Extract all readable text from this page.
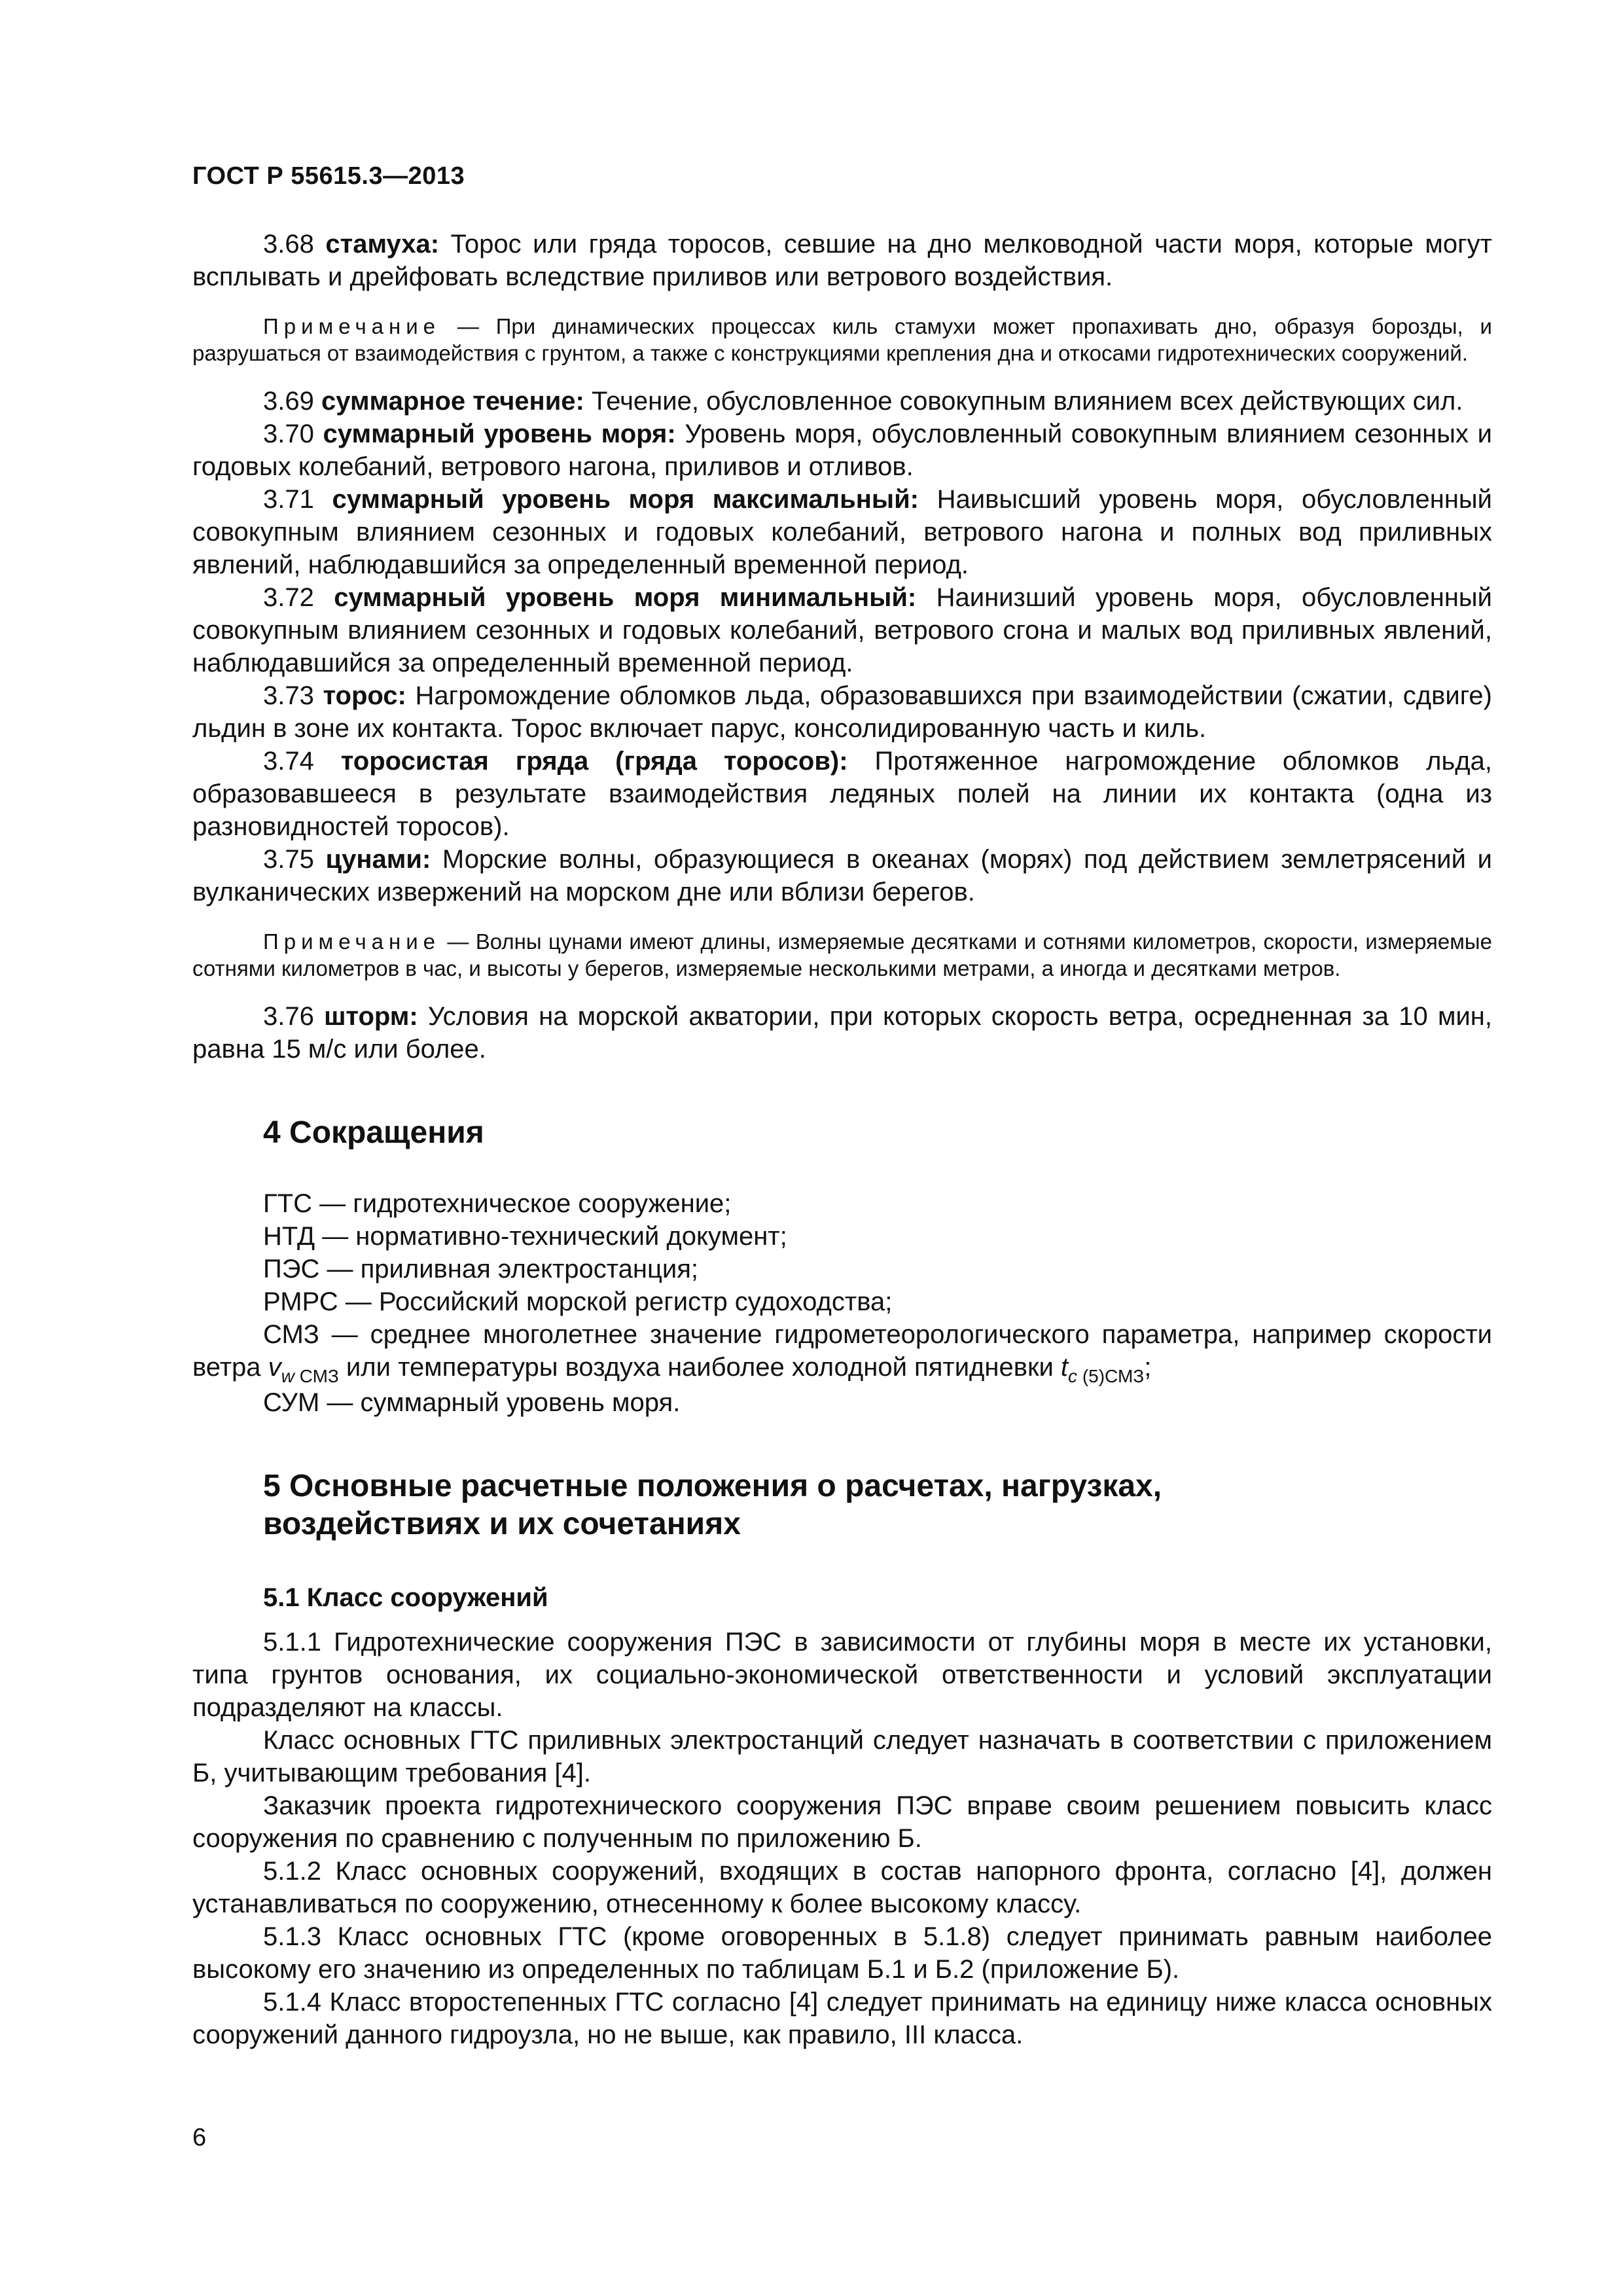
ГОСТ Р 55615.3—2013

3.68 стамуха: Торос или гряда торосов, севшие на дно мелководной части моря, которые могут всплывать и дрейфовать вследствие приливов или ветрового воздействия.

Примечание — При динамических процессах киль стамухи может пропахивать дно, образуя борозды, и разрушаться от взаимодействия с грунтом, а также с конструкциями крепления дна и откосами гидротехнических сооружений.

3.69 суммарное течение: Течение, обусловленное совокупным влиянием всех действующих сил.

3.70 суммарный уровень моря: Уровень моря, обусловленный совокупным влиянием сезонных и годовых колебаний, ветрового нагона, приливов и отливов.

3.71 суммарный уровень моря максимальный: Наивысший уровень моря, обусловленный совокупным влиянием сезонных и годовых колебаний, ветрового нагона и полных вод приливных явлений, наблюдавшийся за определенный временной период.

3.72 суммарный уровень моря минимальный: Наинизший уровень моря, обусловленный совокупным влиянием сезонных и годовых колебаний, ветрового сгона и малых вод приливных явлений, наблюдавшийся за определенный временной период.

3.73 торос: Нагромождение обломков льда, образовавшихся при взаимодействии (сжатии, сдвиге) льдин в зоне их контакта. Торос включает парус, консолидированную часть и киль.

3.74 торосистая гряда (гряда торосов): Протяженное нагромождение обломков льда, образовавшееся в результате взаимодействия ледяных полей на линии их контакта (одна из разновидностей торосов).

3.75 цунами: Морские волны, образующиеся в океанах (морях) под действием землетрясений и вулканических извержений на морском дне или вблизи берегов.

Примечание — Волны цунами имеют длины, измеряемые десятками и сотнями километров, скорости, измеряемые сотнями километров в час, и высоты у берегов, измеряемые несколькими метрами, а иногда и десятками метров.

3.76 шторм: Условия на морской акватории, при которых скорость ветра, осредненная за 10 мин, равна 15 м/с или более.

4 Сокращения
ГТС — гидротехническое сооружение;
НТД — нормативно-технический документ;
ПЭС — приливная электростанция;
РМРС — Российский морской регистр судоходства;
СМЗ — среднее многолетнее значение гидрометеорологического параметра, например скорости ветра $v_{w СМЗ}$ или температуры воздуха наиболее холодной пятидневки $t_{c (5)СМЗ}$;
СУМ — суммарный уровень моря.
5 Основные расчетные положения о расчетах, нагрузках, воздействиях и их сочетаниях
5.1 Класс сооружений

5.1.1 Гидротехнические сооружения ПЭС в зависимости от глубины моря в месте их установки, типа грунтов основания, их социально-экономической ответственности и условий эксплуатации подразделяют на классы.

Класс основных ГТС приливных электростанций следует назначать в соответствии с приложением Б, учитывающим требования [4].

Заказчик проекта гидротехнического сооружения ПЭС вправе своим решением повысить класс сооружения по сравнению с полученным по приложению Б.

5.1.2 Класс основных сооружений, входящих в состав напорного фронта, согласно [4], должен устанавливаться по сооружению, отнесенному к более высокому классу.

5.1.3 Класс основных ГТС (кроме оговоренных в 5.1.8) следует принимать равным наиболее высокому его значению из определенных по таблицам Б.1 и Б.2 (приложение Б).

5.1.4 Класс второстепенных ГТС согласно [4] следует принимать на единицу ниже класса основных сооружений данного гидроузла, но не выше, как правило, III класса.

6
